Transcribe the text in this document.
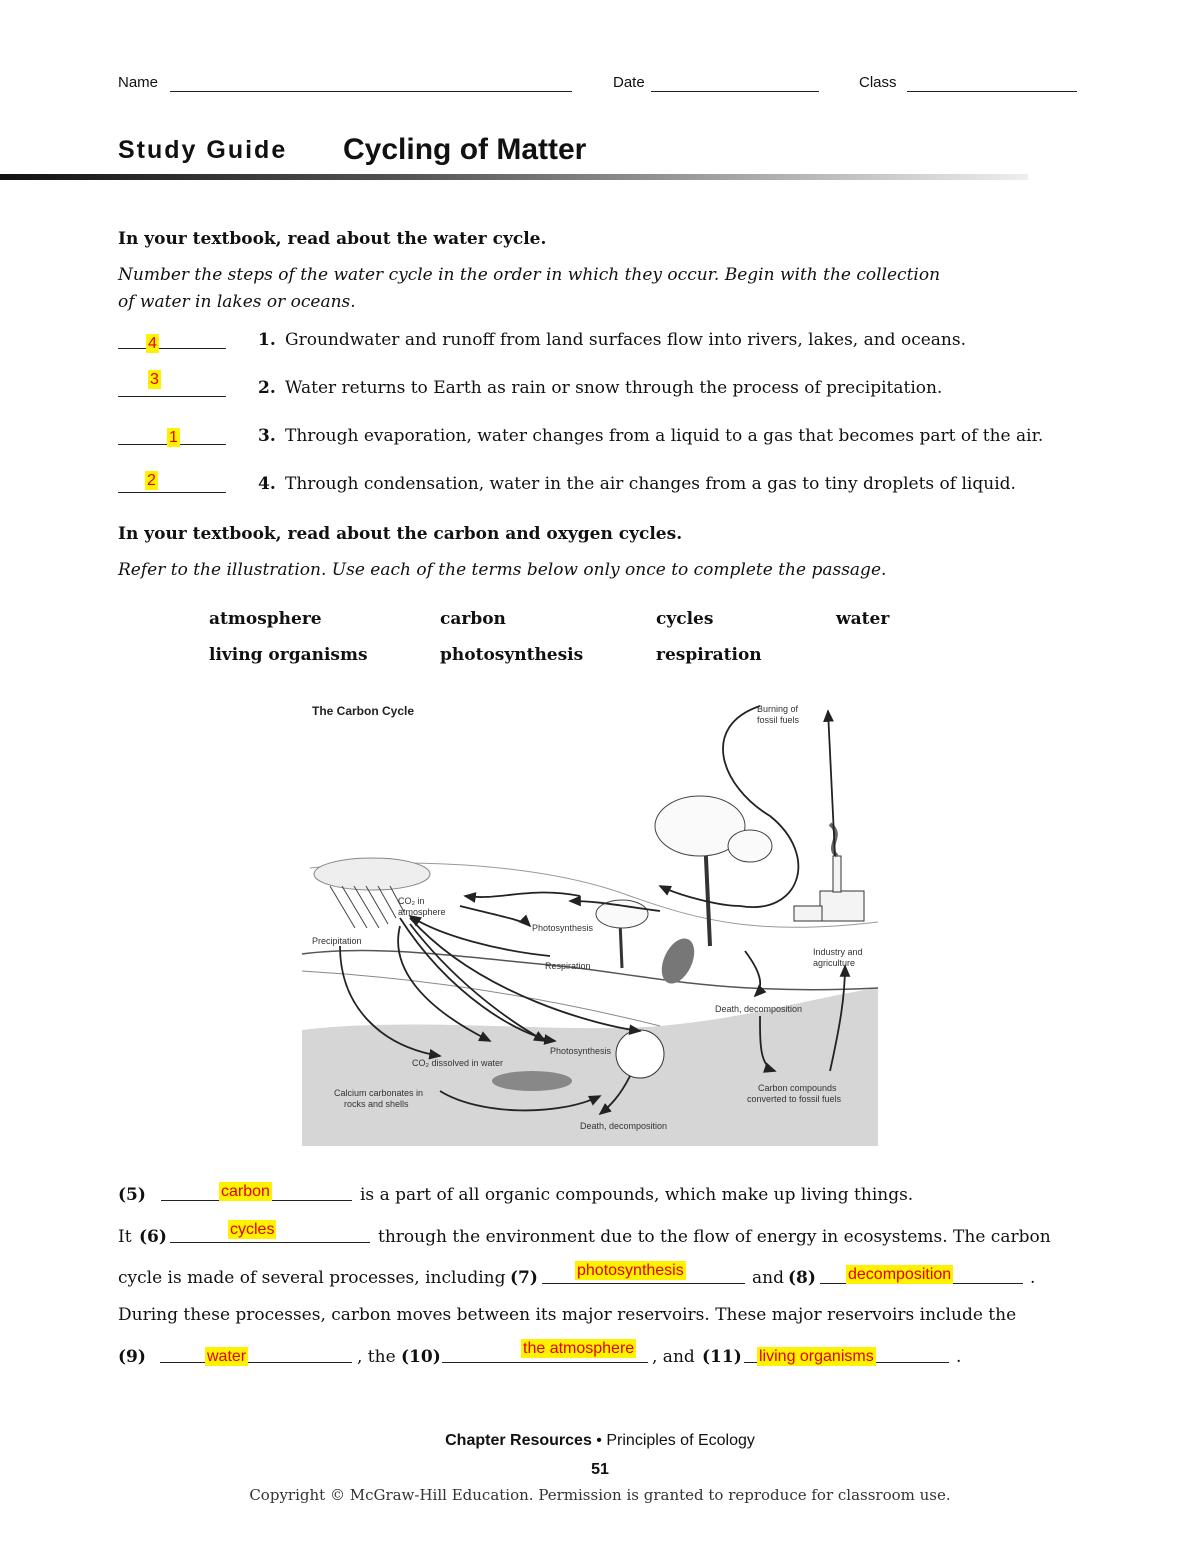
Name	Date	Class
Study Guide Cycling of Matter
In your textbook, read about the water cycle.
Number the steps of the water cycle in the order in which they occur. Begin with the collection
of water in lakes or oceans.
4	1. Groundwater and runoff from land surfaces flow into rivers, lakes, and oceans.
3	2. Water returns to Earth as rain or snow through the process of precipitation.
1	3. Through evaporation, water changes from a liquid to a gas that becomes part of the air.
2	4. Through condensation, water in the air changes from a gas to tiny droplets of liquid.
In your textbook, read about the carbon and oxygen cycles.
Refer to the illustration. Use each of the terms below only once to complete the passage.
atmosphere	carbon	cycles	water
living organisms	photosynthesis	respiration
The Carbon Cycle	Burning of
fossil fuels
CO₂ in
atmosphere
Precipitation
Photosynthesis
Respiration
Industry and
agriculture
Death, decomposition
CO₂ dissolved in water
Photosynthesis
Calcium carbonates in
rocks and shells
Carbon compounds
converted to fossil fuels
Death, decomposition
(5)	carbon	is a part of all organic compounds, which make up living things.
It (6)	cycles	through the environment due to the flow of energy in ecosystems. The carbon
cycle is made of several processes, including (7) photosynthesis	and (8) decomposition	.
During these processes, carbon moves between its major reservoirs. These major reservoirs include the
(9)	water	, the (10)	the atmosphere , and (11) living organisms	.
Chapter Resources • Principles of Ecology
51
Copyright © McGraw-Hill Education. Permission is granted to reproduce for classroom use.
